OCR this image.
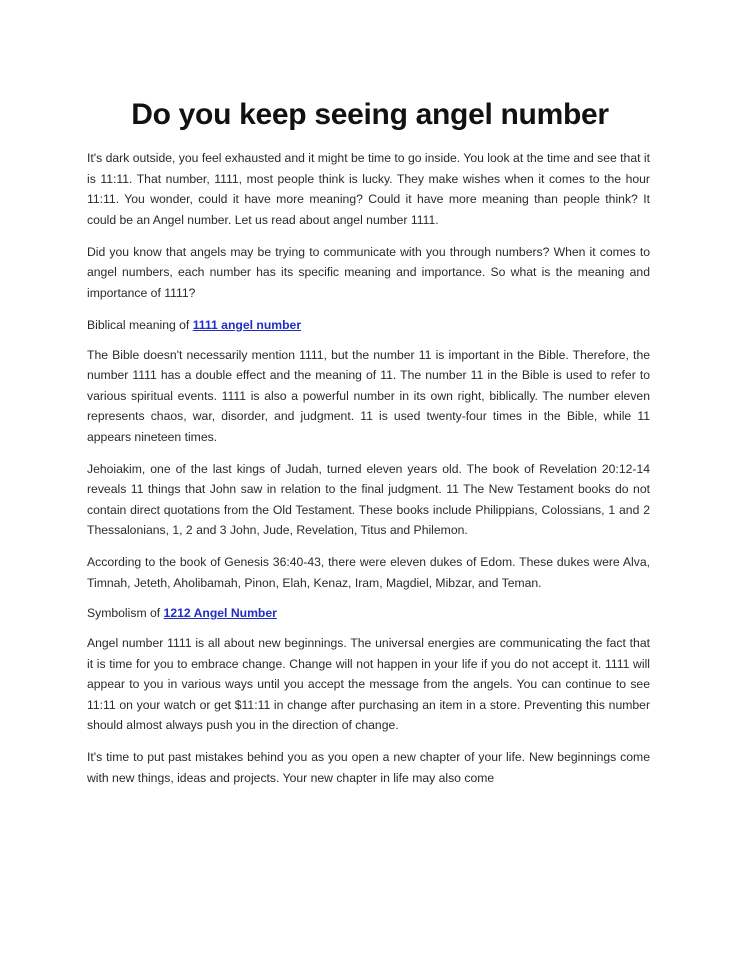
Do you keep seeing angel number

It's dark outside, you feel exhausted and it might be time to go inside. You look at the time and see that it is 11:11. That number, 1111, most people think is lucky. They make wishes when it comes to the hour 11:11. You wonder, could it have more meaning? Could it have more meaning than people think? It could be an Angel number. Let us read about angel number 1111.

Did you know that angels may be trying to communicate with you through numbers? When it comes to angel numbers, each number has its specific meaning and importance. So what is the meaning and importance of 1111?

Biblical meaning of 1111 angel number

The Bible doesn't necessarily mention 1111, but the number 11 is important in the Bible. Therefore, the number 1111 has a double effect and the meaning of 11. The number 11 in the Bible is used to refer to various spiritual events. 1111 is also a powerful number in its own right, biblically. The number eleven represents chaos, war, disorder, and judgment. 11 is used twenty-four times in the Bible, while 11 appears nineteen times.

Jehoiakim, one of the last kings of Judah, turned eleven years old. The book of Revelation 20:12-14 reveals 11 things that John saw in relation to the final judgment. 11 The New Testament books do not contain direct quotations from the Old Testament. These books include Philippians, Colossians, 1 and 2 Thessalonians, 1, 2 and 3 John, Jude, Revelation, Titus and Philemon.

According to the book of Genesis 36:40-43, there were eleven dukes of Edom. These dukes were Alva, Timnah, Jeteth, Aholibamah, Pinon, Elah, Kenaz, Iram, Magdiel, Mibzar, and Teman.

Symbolism of 1212 Angel Number

Angel number 1111 is all about new beginnings. The universal energies are communicating the fact that it is time for you to embrace change. Change will not happen in your life if you do not accept it. 1111 will appear to you in various ways until you accept the message from the angels. You can continue to see 11:11 on your watch or get $11:11 in change after purchasing an item in a store. Preventing this number should almost always push you in the direction of change.

It's time to put past mistakes behind you as you open a new chapter of your life. New beginnings come with new things, ideas and projects. Your new chapter in life may also come
